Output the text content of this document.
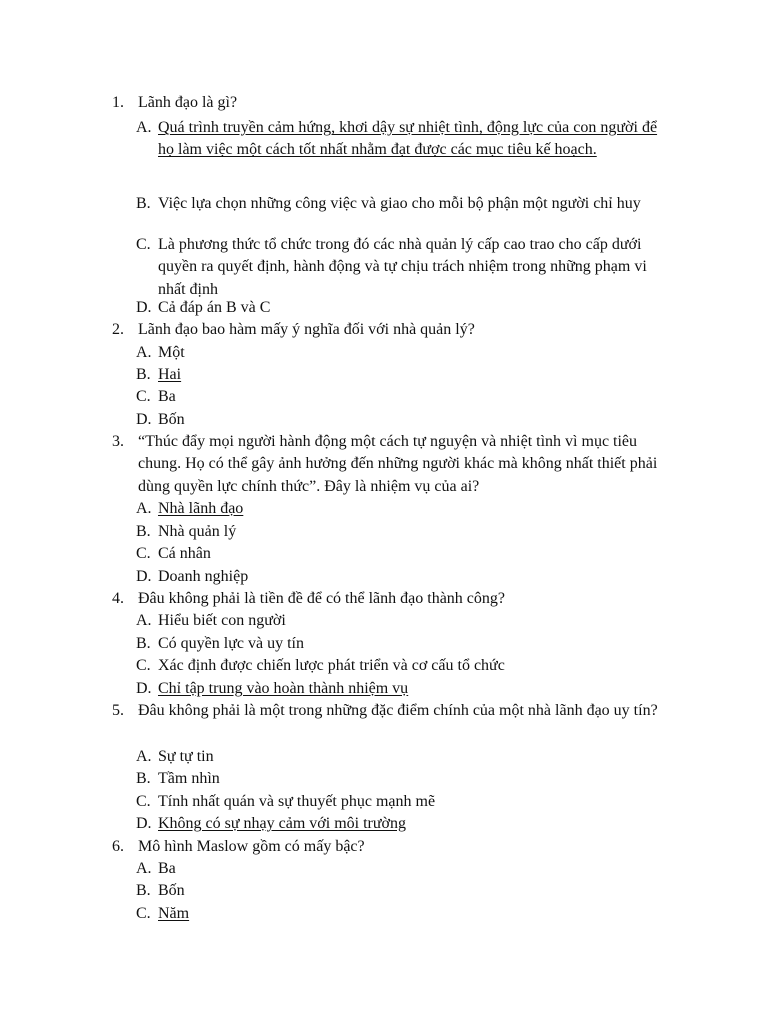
1. Lãnh đạo là gì?
A. Quá trình truyền cảm hứng, khơi dậy sự nhiệt tình, động lực của con người để họ làm việc một cách tốt nhất nhằm đạt được các mục tiêu kế hoạch.
B. Việc lựa chọn những công việc và giao cho mỗi bộ phận một người chỉ huy
C. Là phương thức tổ chức trong đó các nhà quản lý cấp cao trao cho cấp dưới quyền ra quyết định, hành động và tự chịu trách nhiệm trong những phạm vi nhất định
D. Cả đáp án B và C
2. Lãnh đạo bao hàm mấy ý nghĩa đối với nhà quản lý?
A. Một
B. Hai
C. Ba
D. Bốn
3. “Thúc đẩy mọi người hành động một cách tự nguyện và nhiệt tình vì mục tiêu chung. Họ có thể gây ảnh hưởng đến những người khác mà không nhất thiết phải dùng quyền lực chính thức”. Đây là nhiệm vụ của ai?
A. Nhà lãnh đạo
B. Nhà quản lý
C. Cá nhân
D. Doanh nghiệp
4. Đâu không phải là tiền đề để có thể lãnh đạo thành công?
A. Hiểu biết con người
B. Có quyền lực và uy tín
C. Xác định được chiến lược phát triển và cơ cấu tổ chức
D. Chỉ tập trung vào hoàn thành nhiệm vụ
5. Đâu không phải là một trong những đặc điểm chính của một nhà lãnh đạo uy tín?
A. Sự tự tin
B. Tầm nhìn
C. Tính nhất quán và sự thuyết phục mạnh mẽ
D. Không có sự nhạy cảm với môi trường
6. Mô hình Maslow gồm có mấy bậc?
A. Ba
B. Bốn
C. Năm
